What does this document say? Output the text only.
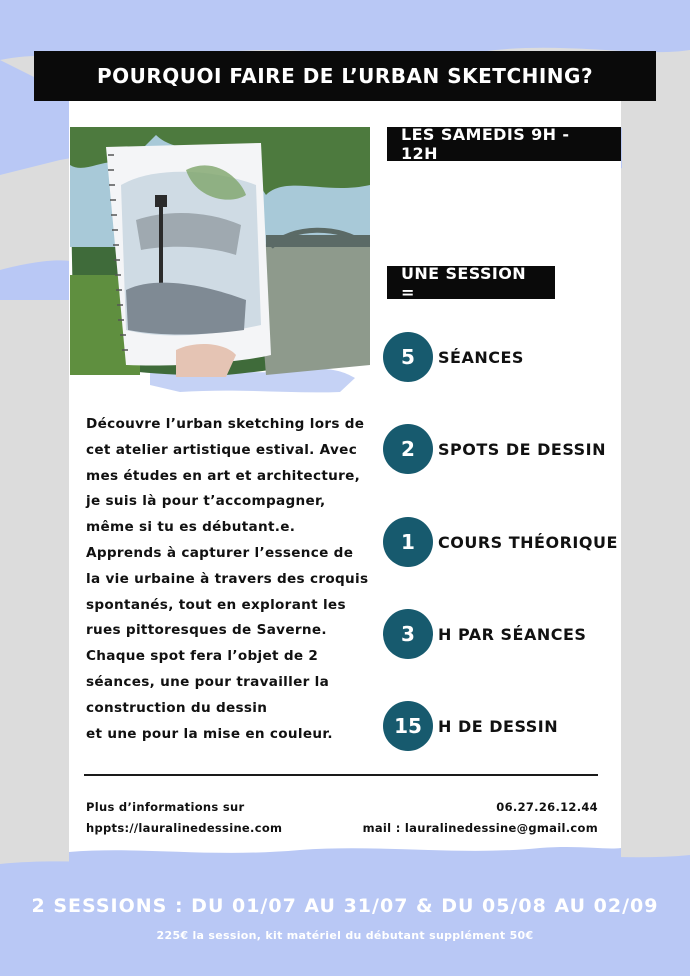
POURQUOI FAIRE DE L’URBAN SKETCHING?
LES SAMEDIS 9H - 12H
UNE SESSION =

Découvre l’urban sketching lors de

cet atelier artistique estival. Avec

mes études en art et architecture,

je suis là pour t’accompagner,

même si tu es débutant.e.

Apprends à capturer l’essence de

la vie urbaine à travers des croquis

spontanés, tout en explorant les

rues pittoresques de Saverne.

Chaque spot fera l’objet de 2

séances, une pour travailler la

construction du dessin

et une pour la mise en couleur.

5	SÉANCES
2	SPOTS DE DESSIN
1	COURS THÉORIQUE
3	H PAR SÉANCES
15	H DE DESSIN
Plus d’informations sur
hppts://lauralinedessine.com
06.27.26.12.44
mail : lauralinedessine@gmail.com
2 SESSIONS : DU 01/07 AU 31/07 & DU 05/08 AU 02/09
225€ la session, kit matériel du débutant supplément 50€
